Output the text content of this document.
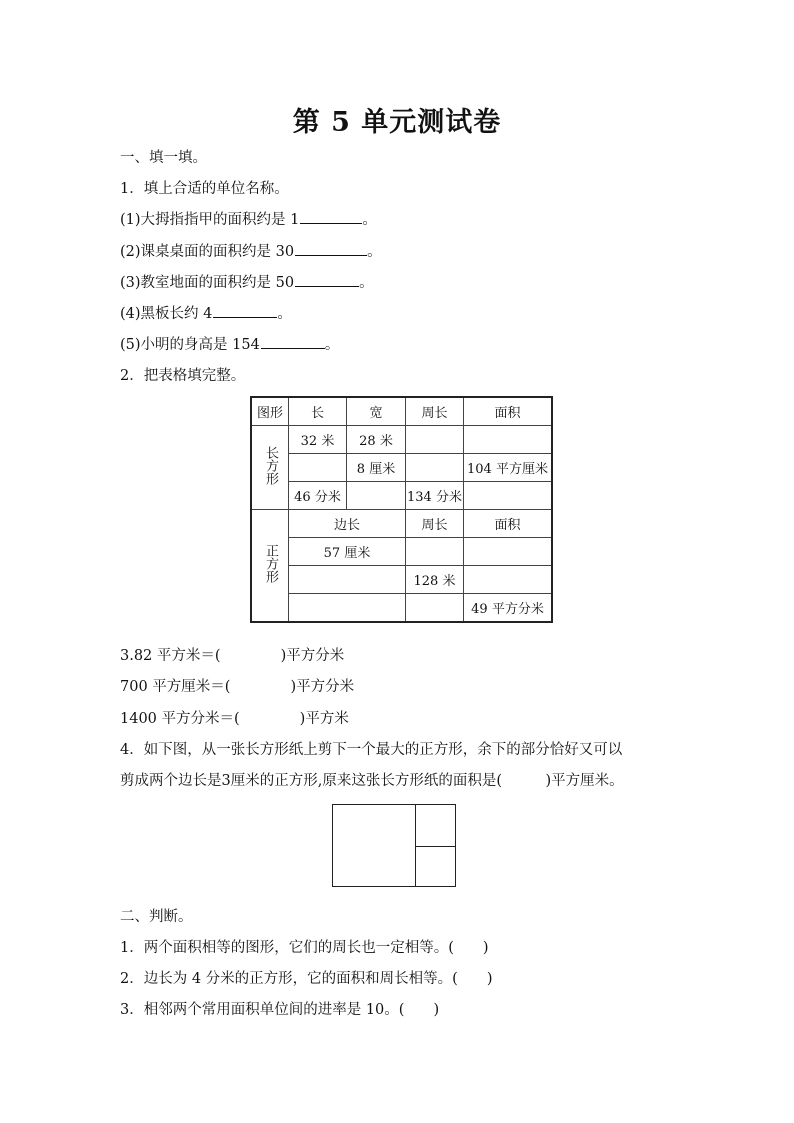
第 5 单元测试卷
一、填一填。
1．填上合适的单位名称。
(1)大拇指指甲的面积约是 1	。
(2)课桌桌面的面积约是 30	。
(3)教室地面的面积约是 50	。
(4)黑板长约 4	。
(5)小明的身高是 154	。
2．把表格填完整。
图形	长	宽	周长	面积
长方形	32 米	28 米		
		8 厘米		104 平方厘米
	46 分米		134 分米	
正方形	边长		周长	面积
	57 厘米			
			128 米	
				49 平方分米
3.82 平方米＝(	)平方分米
700 平方厘米＝(	)平方分米
1400 平方分米＝(	)平方米
4．如下图，从一张长方形纸上剪下一个最大的正方形，余下的部分恰好又可以
剪成两个边长是3厘米的正方形,原来这张长方形纸的面积是(　　　)平方厘米。
二、判断。
1．两个面积相等的图形，它们的周长也一定相等。(　　)
2．边长为 4 分米的正方形，它的面积和周长相等。(　　)
3．相邻两个常用面积单位间的进率是 10。(　　)
